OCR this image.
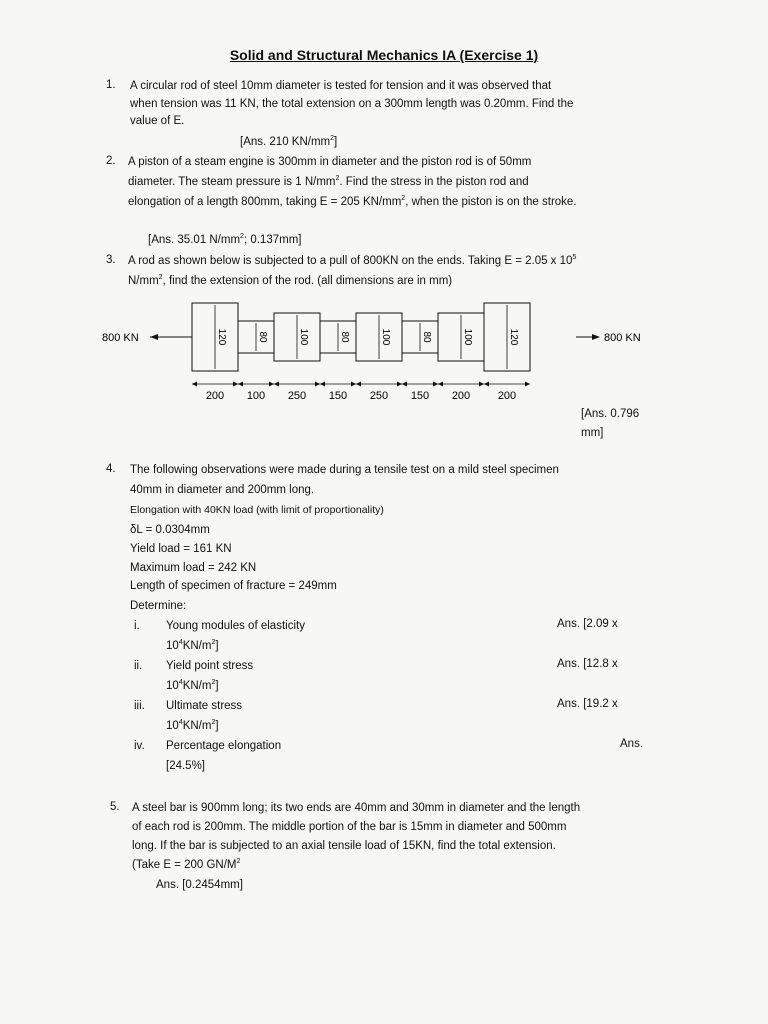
Solid and Structural Mechanics IA (Exercise 1)
1. A circular rod of steel 10mm diameter is tested for tension and it was observed that
when tension was 11 KN, the total extension on a 300mm length was 0.20mm. Find the
value of E.
[Ans. 210 $KN/mm^2$]
2. A piston of a steam engine is 300mm in diameter and the piston rod is of 50mm
diameter. The steam pressure is 1 $N/mm^2$. Find the stress in the piston rod and
elongation of a length 800mm, taking E = 205 $KN/mm^2$, when the piston is on the stroke.
[Ans. 35.01 $N/mm^2$; 0.137mm]
3. A rod as shown below is subjected to a pull of 800KN on the ends. Taking E = 2.05 x $10^5$
$N/mm^2$, find the extension of the rod. (all dimensions are in mm)
800 KN	800 KN
120	80	100	80	100	80	100	120
200 100 250 150 250 150 200	200
[Ans. 0.796
mm]
4. The following observations were made during a tensile test on a mild steel specimen
40mm in diameter and 200mm long.
Elongation with 40KN load (with limit of proportionality)
δL = 0.0304mm
Yield load = 161 KN
Maximum load = 242 KN
Length of specimen of fracture = 249mm
Determine:
i. Young modules of elasticity	Ans. [2.09 x
$10^4KN/m^2$]
ii. Yield point stress	Ans. [12.8 x
$10^4KN/m^2$]
iii. Ultimate stress	Ans. [19.2 x
$10^4KN/m^2$]
iv. Percentage elongation	Ans.
[24.5%]
5. A steel bar is 900mm long; its two ends are 40mm and 30mm in diameter and the length
of each rod is 200mm. The middle portion of the bar is 15mm in diameter and 500mm
long. If the bar is subjected to an axial tensile load of 15KN, find the total extension.
(Take E = 200 $GN/M^2$
Ans. [0.2454mm]
